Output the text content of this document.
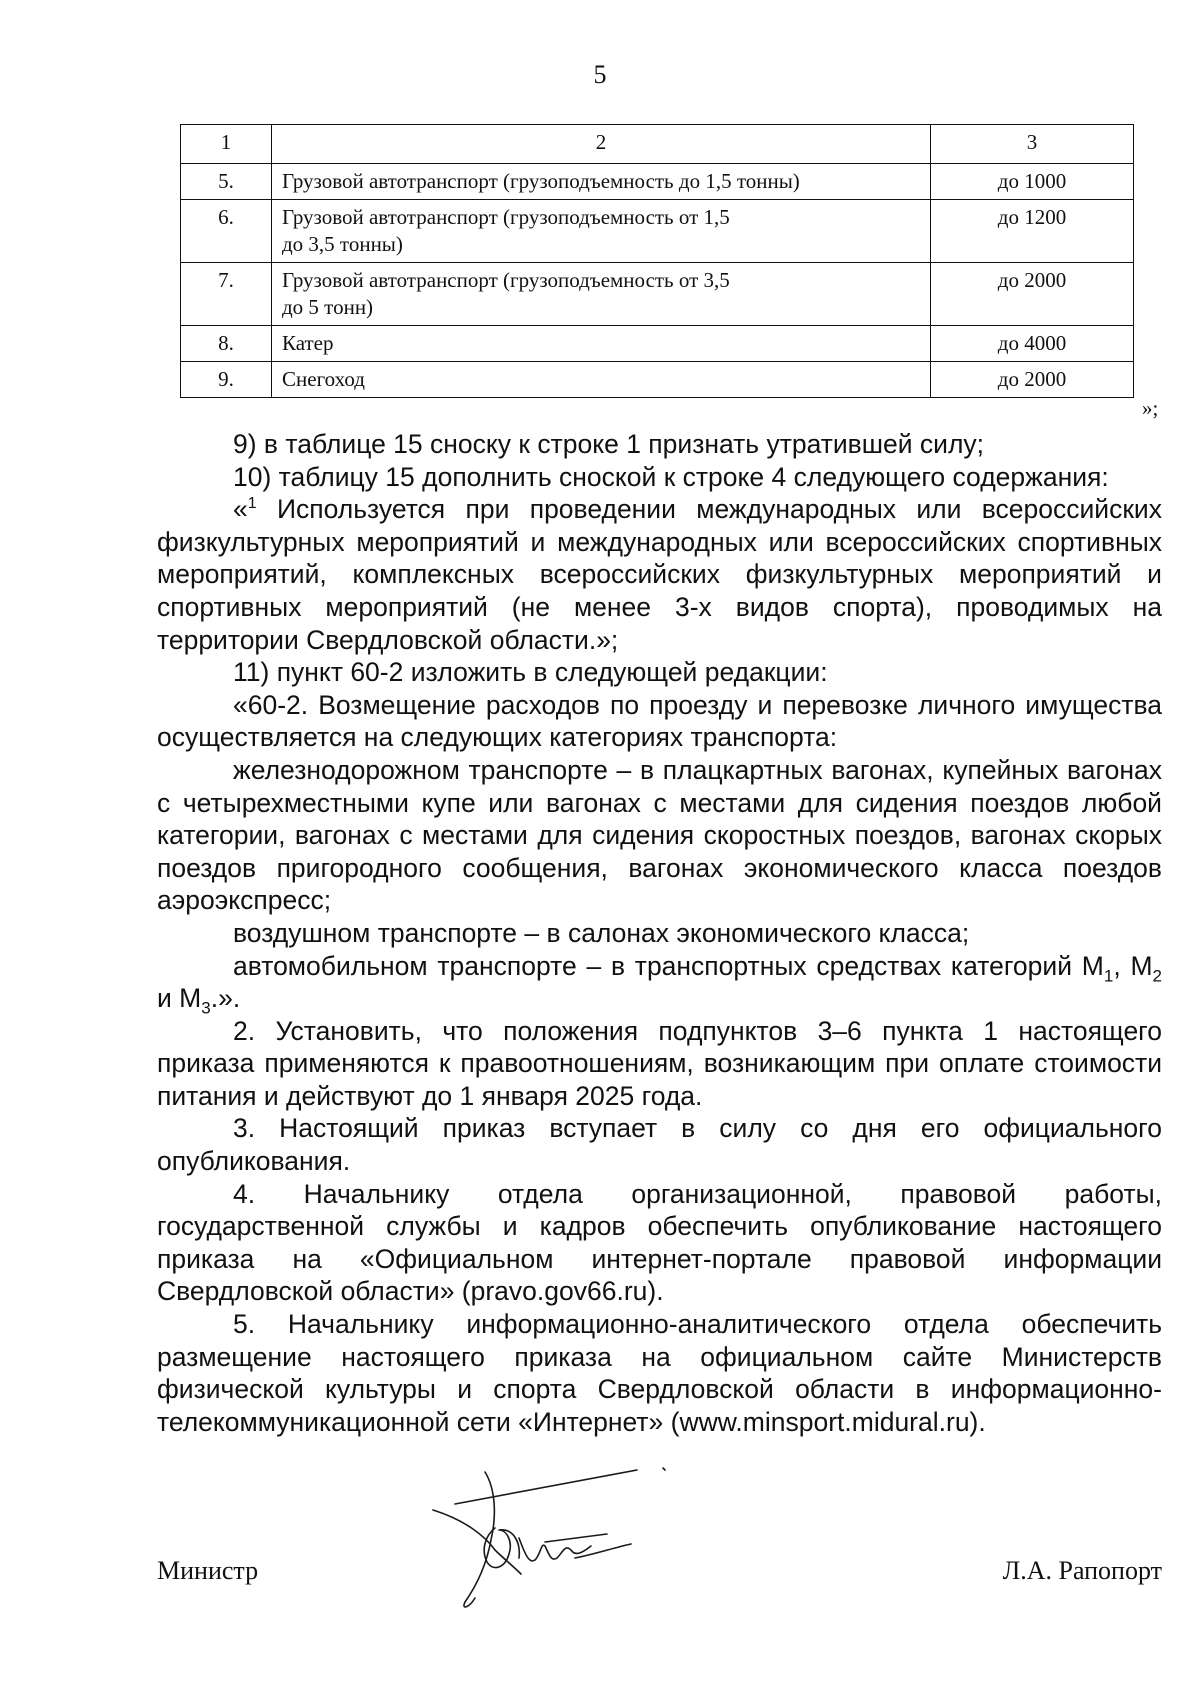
5
1	2	3
5.	Грузовой автотранспорт (грузоподъемность до 1,5 тонны)	до 1000
6.	Грузовой автотранспорт (грузоподъемность от 1,5
до 3,5 тонны)	до 1200
7.	Грузовой автотранспорт (грузоподъемность от 3,5
до 5 тонн)	до 2000
8.	Катер	до 4000
9.	Снегоход	до 2000
»;

9) в таблице 15 сноску к строке 1 признать утратившей силу;

10) таблицу 15 дополнить сноской к строке 4 следующего содержания:

«$^1$ Используется при проведении международных или всероссийских физкультурных мероприятий и международных или всероссийских спортивных мероприятий, комплексных всероссийских физкультурных мероприятий и спортивных мероприятий (не менее 3-х видов спорта), проводимых на территории Свердловской области.»;

11) пункт 60-2 изложить в следующей редакции:

«60-2. Возмещение расходов по проезду и перевозке личного имущества осуществляется на следующих категориях транспорта:

железнодорожном транспорте – в плацкартных вагонах, купейных вагонах с четырехместными купе или вагонах с местами для сидения поездов любой категории, вагонах с местами для сидения скоростных поездов, вагонах скорых поездов пригородного сообщения, вагонах экономического класса поездов аэроэкспресс;

воздушном транспорте – в салонах экономического класса;

автомобильном транспорте – в транспортных средствах категорий $М_1$, $М_2$ и $М_3$.».

2. Установить, что положения подпунктов 3–6 пункта 1 настоящего приказа применяются к правоотношениям, возникающим при оплате стоимости питания и действуют до 1 января 2025 года.

3. Настоящий приказ вступает в силу со дня его официального опубликования.

4. Начальнику отдела организационной, правовой работы, государственной службы и кадров обеспечить опубликование настоящего приказа на «Официальном интернет-портале правовой информации Свердловской области» (pravo.gov66.ru).

5. Начальнику информационно-аналитического отдела обеспечить размещение настоящего приказа на официальном сайте Министерств физической культуры и спорта Свердловской области в информационно-телекоммуникационной сети «Интернет» (www.minsport.midural.ru).

Министр	Л.А. Рапопорт
